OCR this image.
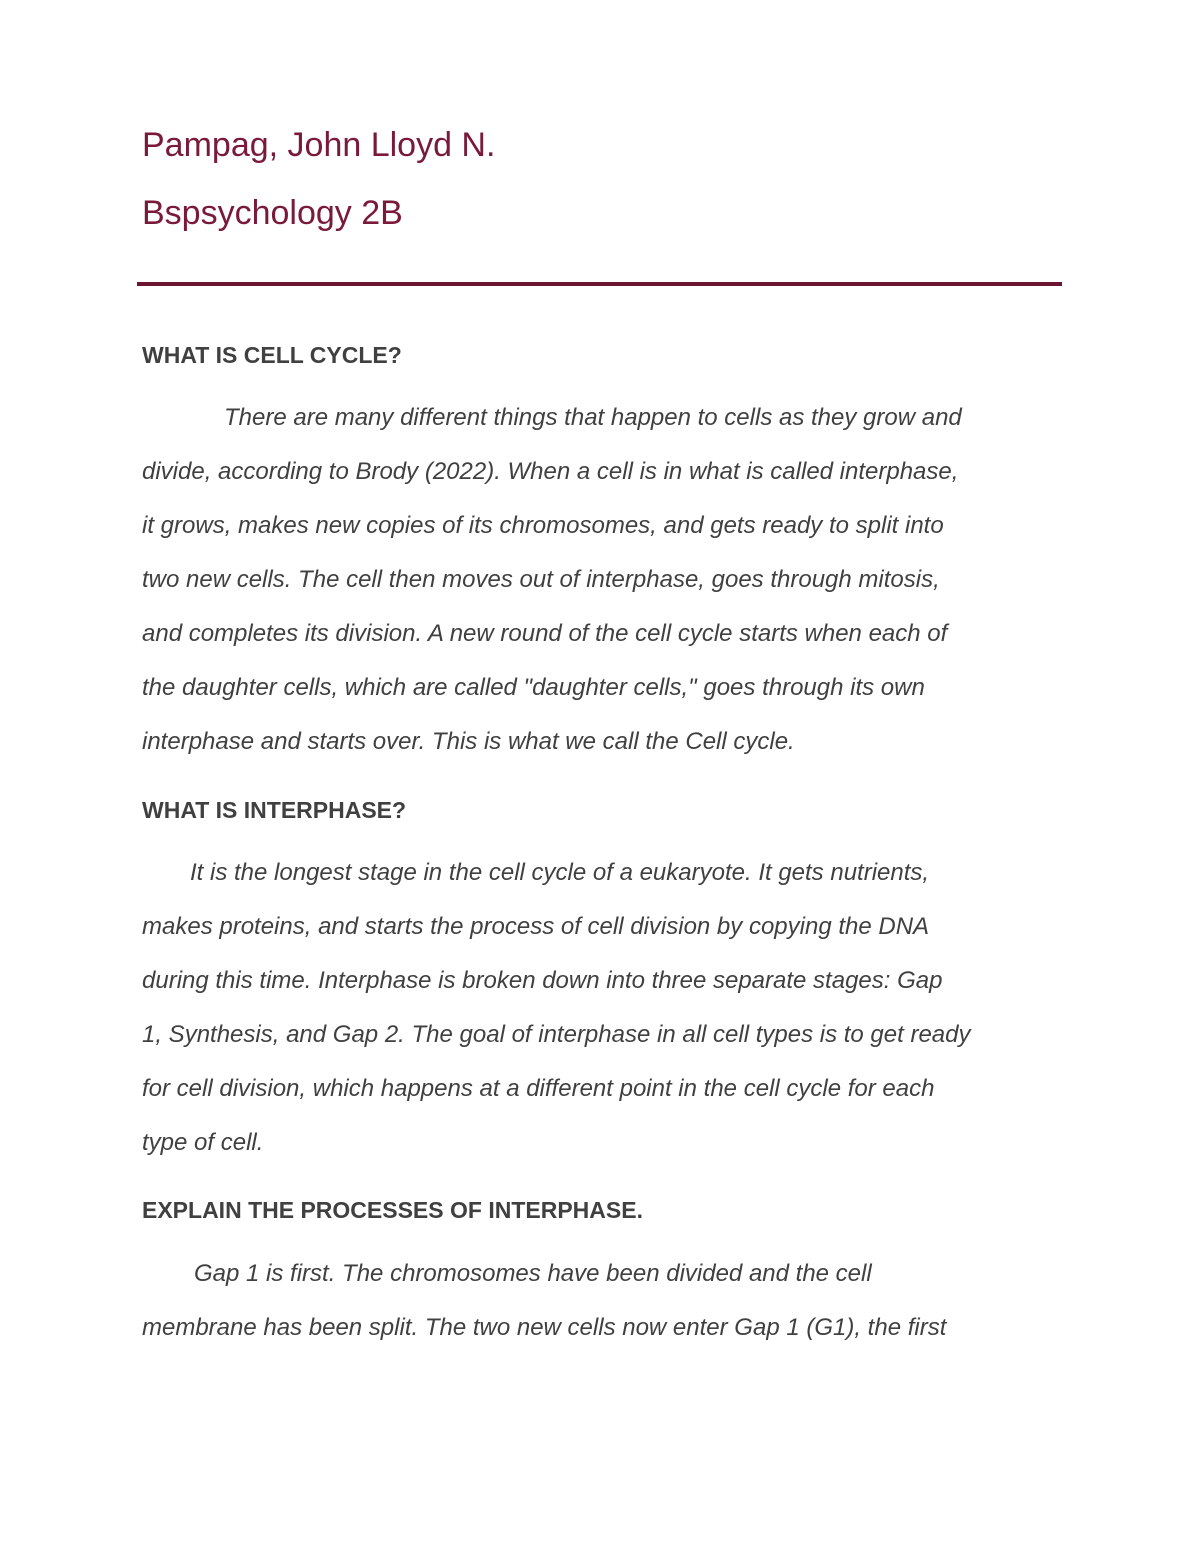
Pampag, John Lloyd N.
Bspsychology 2B
WHAT IS CELL CYCLE?
There are many different things that happen to cells as they grow and
divide, according to Brody (2022). When a cell is in what is called interphase,
it grows, makes new copies of its chromosomes, and gets ready to split into
two new cells. The cell then moves out of interphase, goes through mitosis,
and completes its division. A new round of the cell cycle starts when each of
the daughter cells, which are called "daughter cells," goes through its own
interphase and starts over. This is what we call the Cell cycle.
WHAT IS INTERPHASE?
It is the longest stage in the cell cycle of a eukaryote. It gets nutrients,
makes proteins, and starts the process of cell division by copying the DNA
during this time. Interphase is broken down into three separate stages: Gap
1, Synthesis, and Gap 2. The goal of interphase in all cell types is to get ready
for cell division, which happens at a different point in the cell cycle for each
type of cell.
EXPLAIN THE PROCESSES OF INTERPHASE.
Gap 1 is first. The chromosomes have been divided and the cell
membrane has been split. The two new cells now enter Gap 1 (G1), the first
